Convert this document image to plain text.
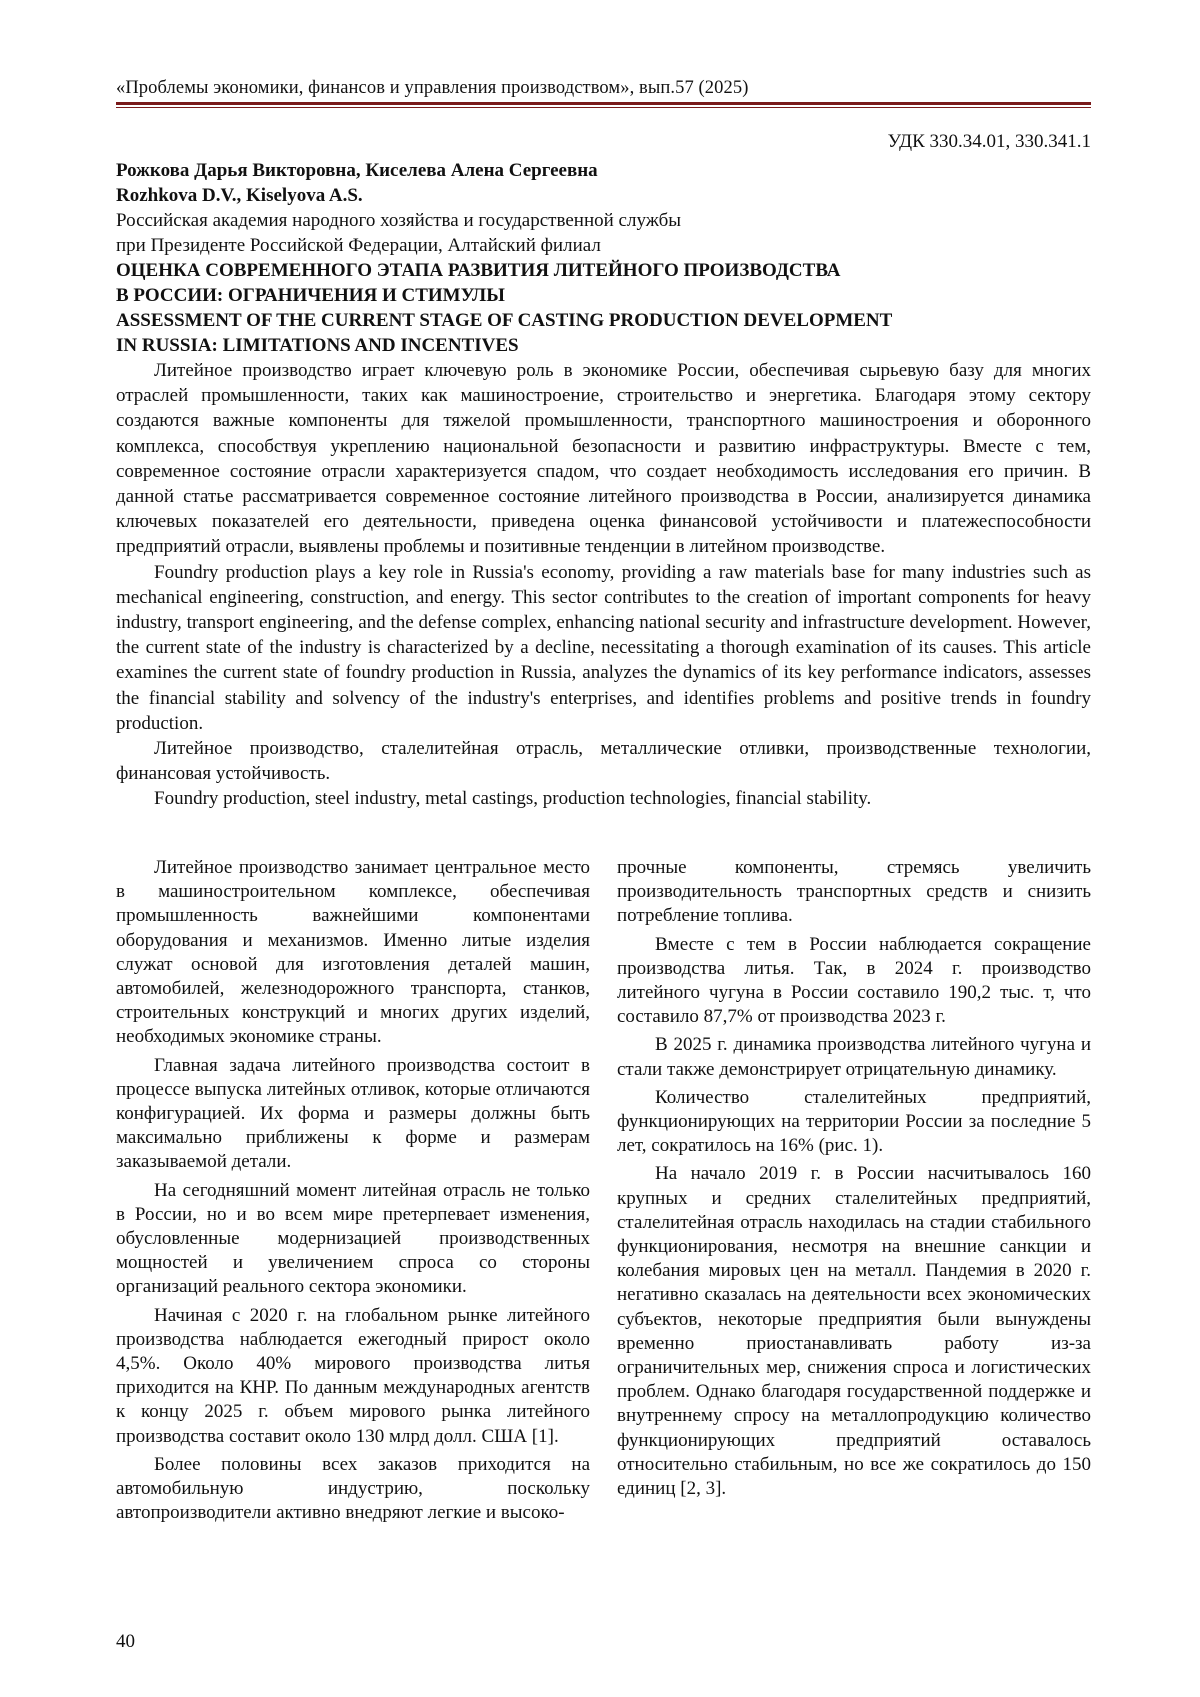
«Проблемы экономики, финансов и управления производством», вып.57 (2025)
УДК 330.34.01, 330.341.1
Рожкова Дарья Викторовна, Киселева Алена Сергеевна
Rozhkova D.V., Kiselyova A.S.
Российская академия народного хозяйства и государственной службы
при Президенте Российской Федерации, Алтайский филиал
ОЦЕНКА СОВРЕМЕННОГО ЭТАПА РАЗВИТИЯ ЛИТЕЙНОГО ПРОИЗВОДСТВА
В РОССИИ: ОГРАНИЧЕНИЯ И СТИМУЛЫ
ASSESSMENT OF THE CURRENT STAGE OF CASTING PRODUCTION DEVELOPMENT
IN RUSSIA: LIMITATIONS AND INCENTIVES

Литейное производство играет ключевую роль в экономике России, обеспечивая сырьевую базу для многих отраслей промышленности, таких как машиностроение, строительство и энергетика. Благодаря этому сектору создаются важные компоненты для тяжелой промышленности, транспортного машиностроения и оборонного комплекса, способствуя укреплению национальной безопасности и развитию инфраструктуры. Вместе с тем, современное состояние отрасли характеризуется спадом, что создает необходимость исследования его причин. В данной статье рассматривается современное состояние литейного производства в России, анализируется динамика ключевых показателей его деятельности, приведена оценка финансовой устойчивости и платежеспособности предприятий отрасли, выявлены проблемы и позитивные тенденции в литейном производстве.

Foundry production plays a key role in Russia's economy, providing a raw materials base for many industries such as mechanical engineering, construction, and energy. This sector contributes to the creation of important components for heavy industry, transport engineering, and the defense complex, enhancing national security and infrastructure development. However, the current state of the industry is characterized by a decline, necessitating a thorough examination of its causes. This article examines the current state of foundry production in Russia, analyzes the dynamics of its key performance indicators, assesses the financial stability and solvency of the industry's enterprises, and identifies problems and positive trends in foundry production.

Литейное производство, сталелитейная отрасль, металлические отливки, производственные технологии, финансовая устойчивость.

Foundry production, steel industry, metal castings, production technologies, financial stability.

Литейное производство занимает центральное место в машиностроительном комплексе, обеспечивая промышленность важнейшими компонентами оборудования и механизмов. Именно литые изделия служат основой для изготовления деталей машин, автомобилей, железнодорожного транспорта, станков, строительных конструкций и многих других изделий, необходимых экономике страны.

Главная задача литейного производства состоит в процессе выпуска литейных отливок, которые отличаются конфигурацией. Их форма и размеры должны быть максимально приближены к форме и размерам заказываемой детали.

На сегодняшний момент литейная отрасль не только в России, но и во всем мире претерпевает изменения, обусловленные модернизацией производственных мощностей и увеличением спроса со стороны организаций реального сектора экономики.

Начиная с 2020 г. на глобальном рынке литейного производства наблюдается ежегодный прирост около 4,5%. Около 40% мирового производства литья приходится на КНР. По данным международных агентств к концу 2025 г. объем мирового рынка литейного производства составит около 130 млрд долл. США [1].

Более половины всех заказов приходится на автомобильную индустрию, поскольку автопроизводители активно внедряют легкие и высоко-

прочные компоненты, стремясь увеличить производительность транспортных средств и снизить потребление топлива.

Вместе с тем в России наблюдается сокращение производства литья. Так, в 2024 г. производство литейного чугуна в России составило 190,2 тыс. т, что составило 87,7% от производства 2023 г.

В 2025 г. динамика производства литейного чугуна и стали также демонстрирует отрицательную динамику.

Количество сталелитейных предприятий, функционирующих на территории России за последние 5 лет, сократилось на 16% (рис. 1).

На начало 2019 г. в России насчитывалось 160 крупных и средних сталелитейных предприятий, сталелитейная отрасль находилась на стадии стабильного функционирования, несмотря на внешние санкции и колебания мировых цен на металл. Пандемия в 2020 г. негативно сказалась на деятельности всех экономических субъектов, некоторые предприятия были вынуждены временно приостанавливать работу из-за ограничительных мер, снижения спроса и логистических проблем. Однако благодаря государственной поддержке и внутреннему спросу на металлопродукцию количество функционирующих предприятий оставалось относительно стабильным, но все же сократилось до 150 единиц [2, 3].

40
